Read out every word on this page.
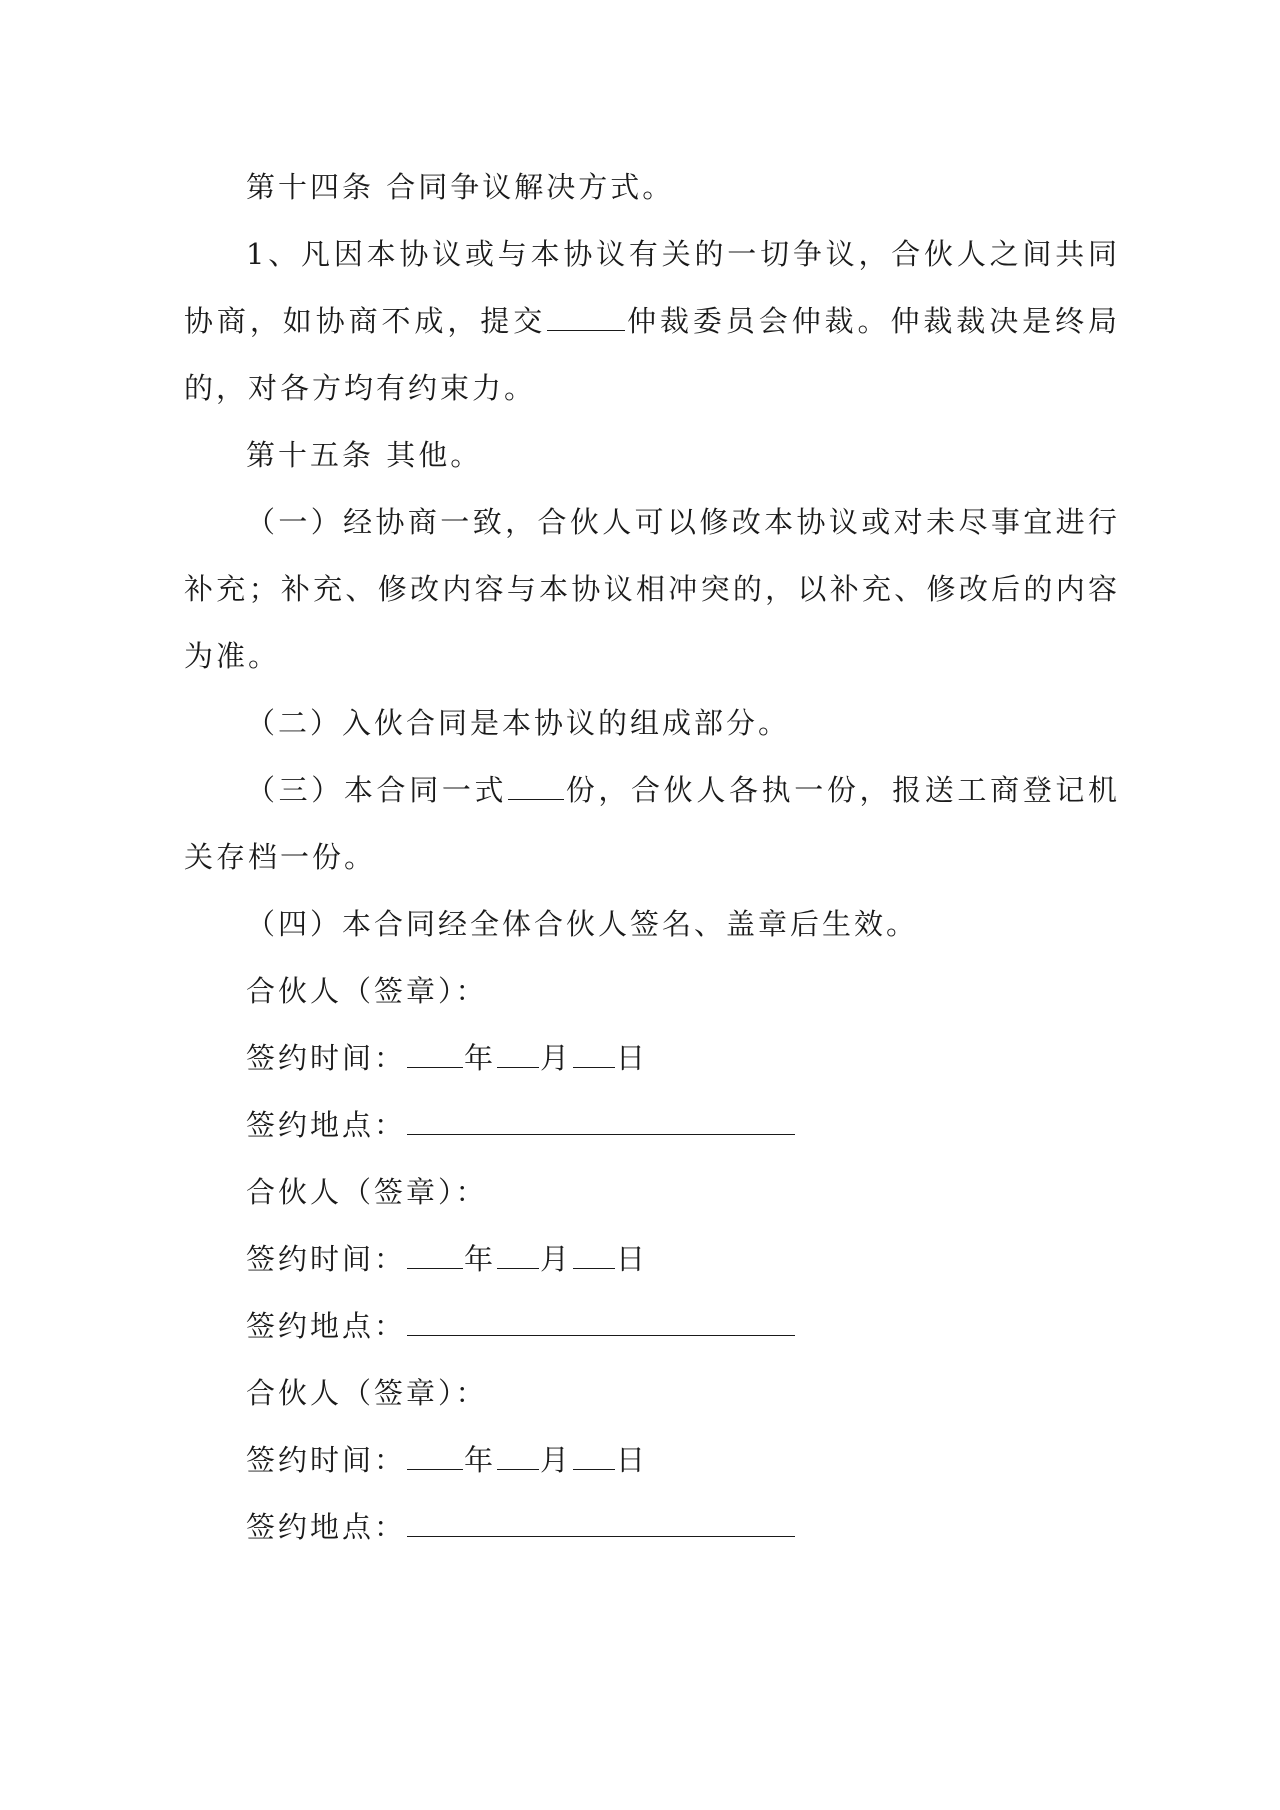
第十四条 合同争议解决方式。

1、凡因本协议或与本协议有关的一切争议，合伙人之间共同协商，如协商不成，提交	仲裁委员会仲裁。仲裁裁决是终局的，对各方均有约束力。

第十五条 其他。

（一）经协商一致，合伙人可以修改本协议或对未尽事宜进行补充；补充、修改内容与本协议相冲突的，以补充、修改后的内容为准。

（二）入伙合同是本协议的组成部分。

（三）本合同一式 份，合伙人各执一份，报送工商登记机关存档一份。

（四）本合同经全体合伙人签名、盖章后生效。

合伙人（签章）：

签约时间： 年 月 日

签约地点：

合伙人（签章）：

签约时间： 年 月 日

签约地点：

合伙人（签章）：

签约时间： 年 月 日

签约地点：
